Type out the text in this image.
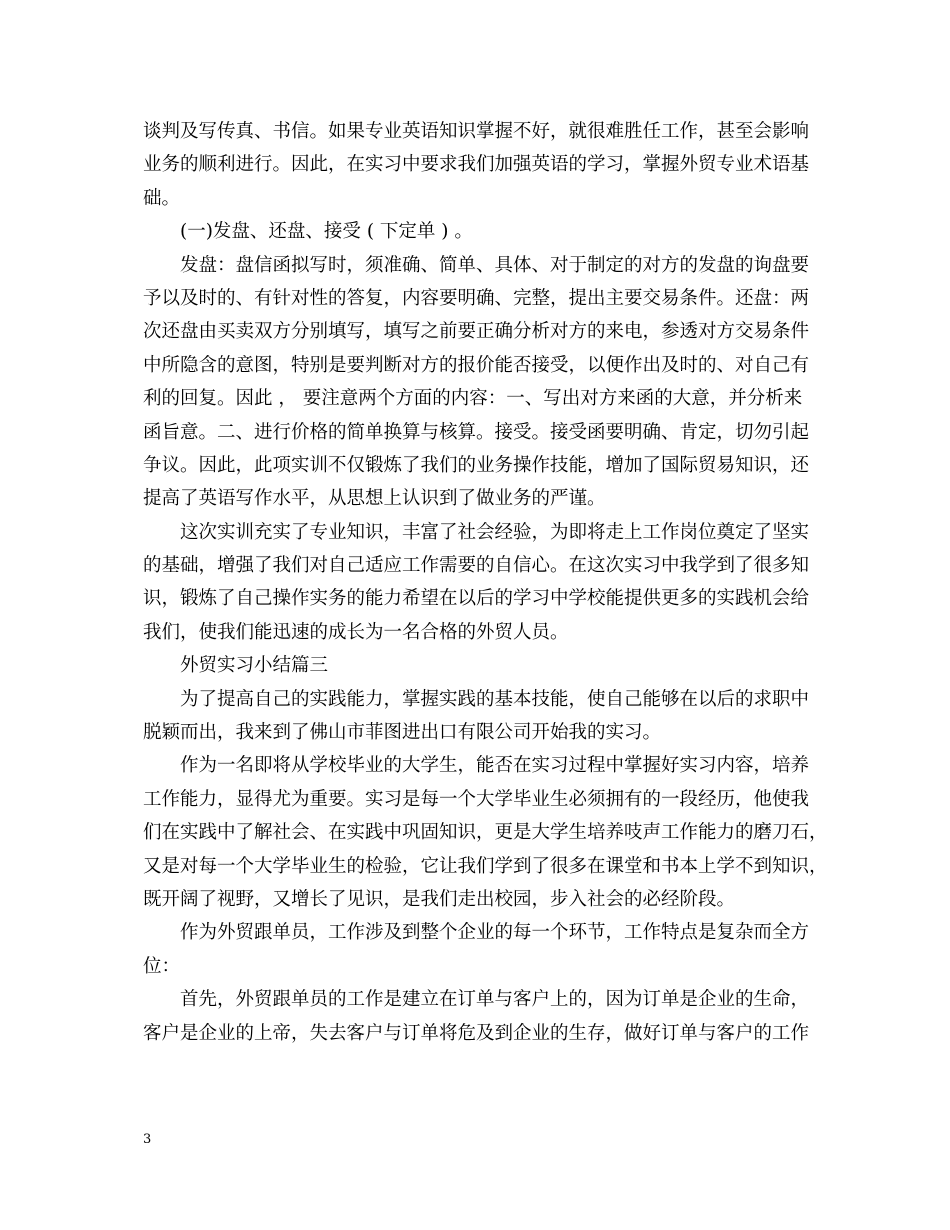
谈判及写传真、书信。如果专业英语知识掌握不好，就很难胜任工作，甚至会影响
业务的顺利进行。因此，在实习中要求我们加强英语的学习，掌握外贸专业术语基
础。
(一)发盘、还盘、接受 ( 下定单 ) 。
发盘：盘信函拟写时，须准确、简单、具体、对于制定的对方的发盘的询盘要
予以及时的、有针对性的答复，内容要明确、完整，提出主要交易条件。还盘：两
次还盘由买卖双方分别填写，填写之前要正确分析对方的来电，参透对方交易条件
中所隐含的意图，特别是要判断对方的报价能否接受，以便作出及时的、对自己有
利的回复。因此 ， 要注意两个方面的内容：一、写出对方来函的大意，并分析来
函旨意。二、进行价格的简单换算与核算。接受。接受函要明确、肯定，切勿引起
争议。因此，此项实训不仅锻炼了我们的业务操作技能，增加了国际贸易知识，还
提高了英语写作水平，从思想上认识到了做业务的严谨。
这次实训充实了专业知识，丰富了社会经验，为即将走上工作岗位奠定了坚实
的基础，增强了我们对自己适应工作需要的自信心。在这次实习中我学到了很多知
识，锻炼了自己操作实务的能力希望在以后的学习中学校能提供更多的实践机会给
我们，使我们能迅速的成长为一名合格的外贸人员。
外贸实习小结篇三
为了提高自己的实践能力，掌握实践的基本技能，使自己能够在以后的求职中
脱颖而出，我来到了佛山市菲图进出口有限公司开始我的实习。
作为一名即将从学校毕业的大学生，能否在实习过程中掌握好实习内容，培养
工作能力，显得尤为重要。实习是每一个大学毕业生必须拥有的一段经历，他使我
们在实践中了解社会、在实践中巩固知识，更是大学生培养吱声工作能力的磨刀石，
又是对每一个大学毕业生的检验，它让我们学到了很多在课堂和书本上学不到知识，
既开阔了视野，又增长了见识，是我们走出校园，步入社会的必经阶段。
作为外贸跟单员，工作涉及到整个企业的每一个环节，工作特点是复杂而全方
位：
首先，外贸跟单员的工作是建立在订单与客户上的，因为订单是企业的生命，
客户是企业的上帝，失去客户与订单将危及到企业的生存，做好订单与客户的工作
3
